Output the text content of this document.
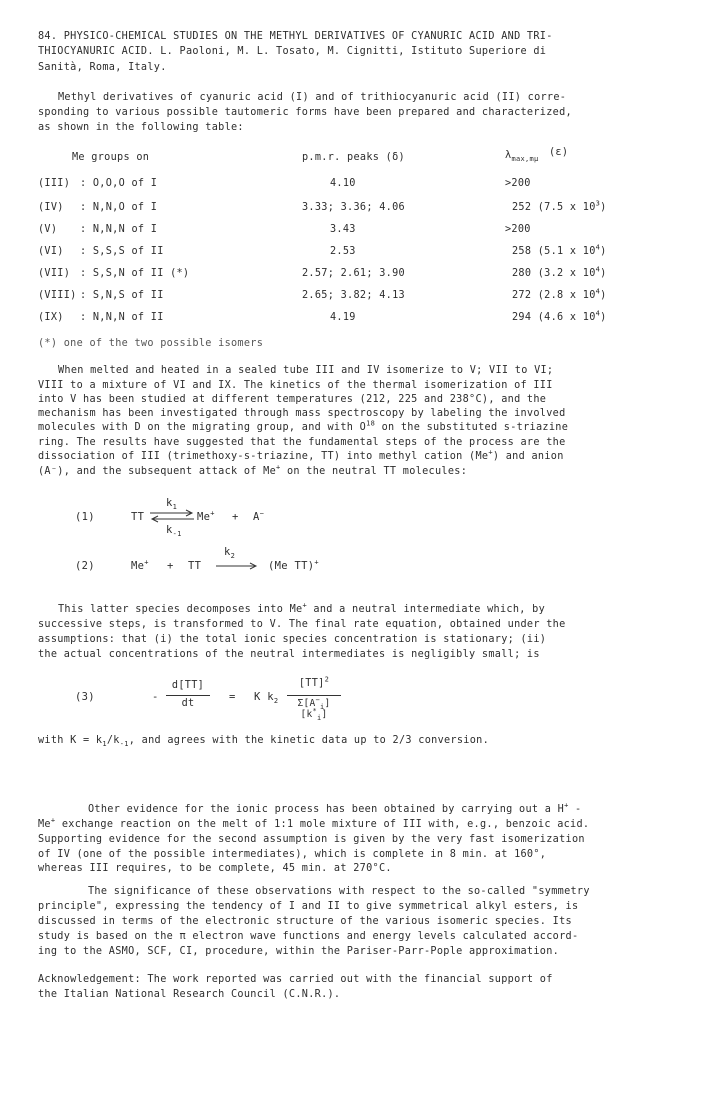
84. PHYSICO-CHEMICAL STUDIES ON THE METHYL DERIVATIVES OF CYANURIC ACID AND TRI-
THIOCYANURIC ACID. L. Paoloni, M. L. Tosato, M. Cignitti, Istituto Superiore di
Sanità, Roma, Italy.
Methyl derivatives of cyanuric acid (I) and of trithiocyanuric acid (II) corre-
sponding to various possible tautomeric forms have been prepared and characterized,
as shown in the following table:
Me groups on	p.m.r. peaks (δ)	$\lambda_{max,m\mu}$ (ε)
(III) : O,O,O of I	4.10	>200
(IV) : N,N,O of I	3.33; 3.36; 4.06	252 (7.5 x $10^3$)
(V) : N,N,N of I	3.43	>200
(VI) : S,S,S of II	2.53	258 (5.1 x $10^4$)
(VII) : S,S,N of II (*)	2.57; 2.61; 3.90	280 (3.2 x $10^4$)
(VIII) : S,N,S of II	2.65; 3.82; 4.13	272 (2.8 x $10^4$)
(IX) : N,N,N of II	4.19	294 (4.6 x $10^4$)
(*) one of the two possible isomers
When melted and heated in a sealed tube III and IV isomerize to V; VII to VI;
VIII to a mixture of VI and IX. The kinetics of the thermal isomerization of III
into V has been studied at different temperatures (212, 225 and 238°C), and the
mechanism has been investigated through mass spectroscopy by labeling the involved
molecules with D on the migrating group, and with $O^{18}$ on the substituted s-triazine
ring. The results have suggested that the fundamental steps of the process are the
dissociation of III (trimethoxy-s-triazine, TT) into methyl cation (Me+) and anion
(A⁻), and the subsequent attack of Me+ on the neutral TT molecules:
(1)	TT
$k_1$
$k_{-1}$
Me+ + A−
(2)	Me+ + TT
$k_2$
(Me TT)+
This latter species decomposes into Me+ and a neutral intermediate which, by
successive steps, is transformed to V. The final rate equation, obtained under the
assumptions: that (i) the total ionic species concentration is stationary; (ii)
the actual concentrations of the neutral intermediates is negligibly small; is
(3)	-
d[TT]
dt
= K $k_2$
[TT]$^2$
$\Sigma[A^-_i][k^*_i]$
with $K = k_1/k_{-1}$, and agrees with the kinetic data up to 2/3 conversion.
Other evidence for the ionic process has been obtained by carrying out a H+ -
Me+ exchange reaction on the melt of 1:1 mole mixture of III with, e.g., benzoic acid.
Supporting evidence for the second assumption is given by the very fast isomerization
of IV (one of the possible intermediates), which is complete in 8 min. at 160°,
whereas III requires, to be complete, 45 min. at 270°C.
The significance of these observations with respect to the so-called "symmetry
principle", expressing the tendency of I and II to give symmetrical alkyl esters, is
discussed in terms of the electronic structure of the various isomeric species. Its
study is based on the π electron wave functions and energy levels calculated accord-
ing to the ASMO, SCF, CI, procedure, within the Pariser-Parr-Pople approximation.
Acknowledgement: The work reported was carried out with the financial support of
the Italian National Research Council (C.N.R.).
